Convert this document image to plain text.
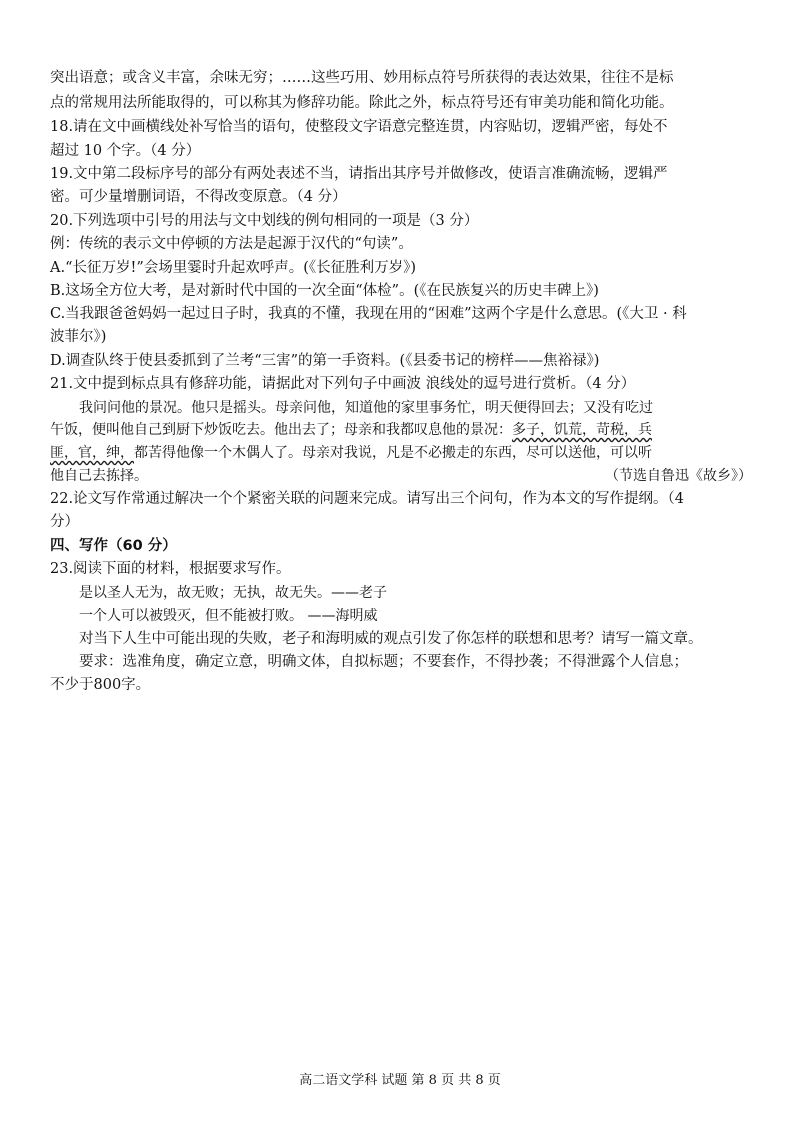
突出语意；或含义丰富，余味无穷；……这些巧用、妙用标点符号所获得的表达效果，往往不是标
点的常规用法所能取得的，可以称其为修辞功能。除此之外，标点符号还有审美功能和简化功能。
18.请在文中画横线处补写恰当的语句，使整段文字语意完整连贯，内容贴切，逻辑严密，每处不
超过 10 个字。（4 分）
19.文中第二段标序号的部分有两处表述不当，请指出其序号并做修改，使语言准确流畅，逻辑严
密。可少量增删词语，不得改变原意。（4 分）
20.下列选项中引号的用法与文中划线的例句相同的一项是（3 分）
例：传统的表示文中停顿的方法是起源于汉代的“句读”。
A.“长征万岁!”会场里霎时升起欢呼声。(《长征胜利万岁》)
B.这场全方位大考，是对新时代中国的一次全面“体检”。(《在民族复兴的历史丰碑上》)
C.当我跟爸爸妈妈一起过日子时，我真的不懂，我现在用的“困难”这两个字是什么意思。(《大卫 · 科
波菲尔》)
D.调查队终于使县委抓到了兰考“三害”的第一手资料。(《县委书记的榜样——焦裕禄》)
21.文中提到标点具有修辞功能，请据此对下列句子中画波 浪线处的逗号进行赏析。（4 分）
我问问他的景况。他只是摇头。母亲问他，知道他的家里事务忙，明天便得回去；又没有吃过
午饭，便叫他自己到厨下炒饭吃去。他出去了；母亲和我都叹息他的景况：多子，饥荒，苛税，兵
匪，官，绅，都苦得他像一个木偶人了。母亲对我说，凡是不必搬走的东西，尽可以送他，可以听
他自己去拣择。	（节选自鲁迅《故乡》）
22.论文写作常通过解决一个个紧密关联的问题来完成。请写出三个问句，作为本文的写作提纲。（4
分）
四、写作（60 分）
23.阅读下面的材料，根据要求写作。
是以圣人无为，故无败；无执，故无失。——老子
一个人可以被毁灭，但不能被打败。 ——海明威
对当下人生中可能出现的失败，老子和海明威的观点引发了你怎样的联想和思考？请写一篇文章。
要求：选准角度，确定立意，明确文体，自拟标题；不要套作，不得抄袭；不得泄露个人信息；
不少于800字。
高二语文学科 试题 第 8 页 共 8 页
